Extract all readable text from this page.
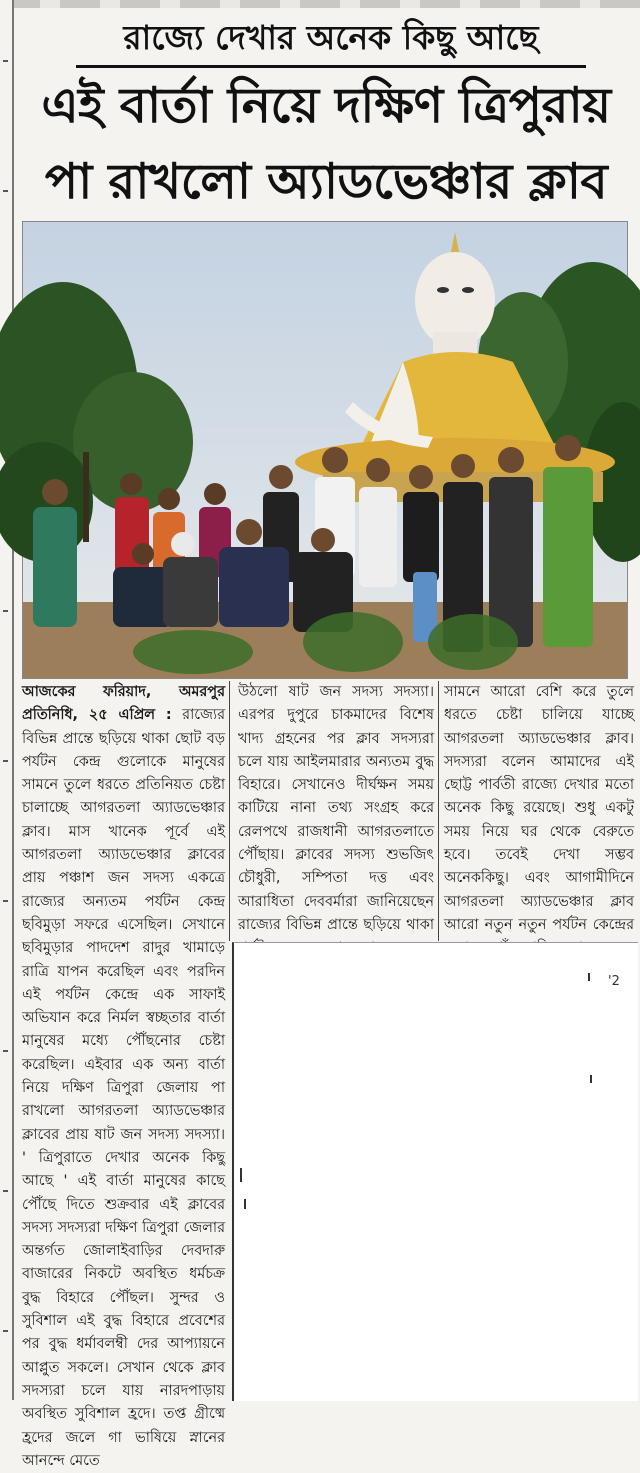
রাজ্যে দেখার অনেক কিছু আছে
এই বার্তা নিয়ে দক্ষিণ ত্রিপুরায়
পা রাখলো অ্যাডভেঞ্চার ক্লাব
আজকের ফরিয়াদ, অমরপুর প্রতিনিধি, ২৫ এপ্রিল : রাজ্যের বিভিন্ন প্রান্তে ছড়িয়ে থাকা ছোট বড় পর্যটন কেন্দ্র গুলোকে মানুষের সামনে তুলে ধরতে প্রতিনিয়ত চেষ্টা চালাচ্ছে আগরতলা অ্যাডভেঞ্চার ক্লাব। মাস খানেক পূর্বে এই আগরতলা অ্যাডভেঞ্চার ক্লাবের প্রায় পঞ্চাশ জন সদস্য একত্রে রাজ্যের অন্যতম পর্যটন কেন্দ্র ছবিমুড়া সফরে এসেছিল। সেখানে ছবিমুড়ার পাদদেশ রাদুর খামাড়ে রাত্রি যাপন করেছিল এবং পরদিন এই পর্যটন কেন্দ্রে এক সাফাই অভিযান করে নির্মল স্বচ্ছতার বার্তা মানুষের মধ্যে পৌঁছনোর চেষ্টা করেছিল। এইবার এক অন্য বার্তা নিয়ে দক্ষিণ ত্রিপুরা জেলায় পা রাখলো আগরতলা অ্যাডভেঞ্চার ক্লাবের প্রায় ষাট জন সদস্য সদস্যা। ' ত্রিপুরাতে দেখার অনেক কিছু আছে ' এই বার্তা মানুষের কাছে পৌঁছে দিতে শুক্রবার এই ক্লাবের সদস্য সদস্যরা দক্ষিণ ত্রিপুরা জেলার অন্তর্গত জোলাইবাড়ির দেবদারু বাজারের নিকটে অবস্থিত ধর্মচক্র বুদ্ধ বিহারে পৌঁছল। সুন্দর ও সুবিশাল এই বুদ্ধ বিহারে প্রবেশের পর বুদ্ধ ধর্মাবলম্বী দের আপ্যায়নে আপ্লুত সকলে। সেখান থেকে ক্লাব সদস্যরা চলে যায় নারদপাড়ায় অবস্থিত সুবিশাল হ্রদে। তপ্ত গ্রীষ্মে হ্রদের জলে গা ভাষিয়ে স্নানের আনন্দে মেতে
উঠলো ষাট জন সদস্য সদস্যা। এরপর দুপুরে চাকমাদের বিশেষ খাদ্য গ্রহনের পর ক্লাব সদস্যরা চলে যায় আইলমারার অন্যতম বুদ্ধ বিহারে। সেখানেও দীর্ঘক্ষন সময় কাটিয়ে নানা তথ্য সংগ্রহ করে রেলপথে রাজধানী আগরতলাতে পৌঁছায়। ক্লাবের সদস্য শুভজিৎ চৌধুরী, সম্পিতা দত্ত এবং আরাধিতা দেববর্মারা জানিয়েছেন রাজ্যের বিভিন্ন প্রান্তে ছড়িয়ে থাকা
সামনে আরো বেশি করে তুলে ধরতে চেষ্টা চালিয়ে যাচ্ছে আগরতলা অ্যাডভেঞ্চার ক্লাব। সদস্যরা বলেন আমাদের এই ছোট্ট পার্বতী রাজ্যে দেখার মতো অনেক কিছু রয়েছে। শুধু একটু সময় নিয়ে ঘর থেকে বেরুতে হবে। তবেই দেখা সম্ভব অনেককিছু। এবং আগামীদিনে আগরতলা অ্যাডভেঞ্চার ক্লাব আরো নতুন নতুন পর্যটন কেন্দ্রের
'2
